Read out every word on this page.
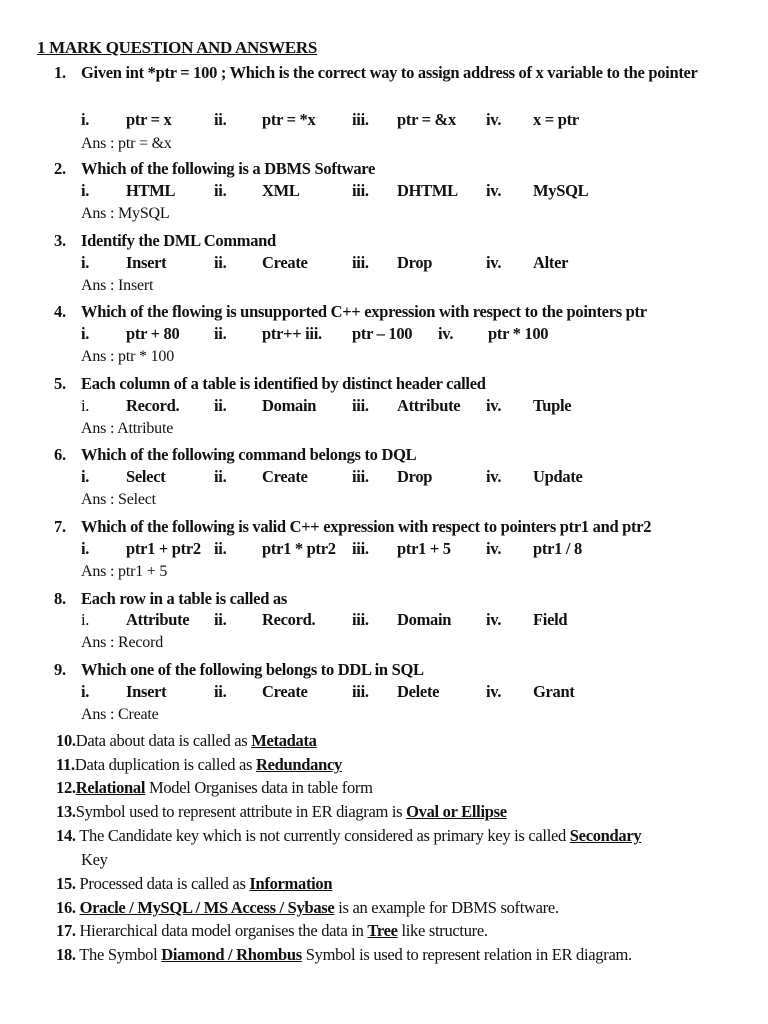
1 MARK QUESTION AND ANSWERS
1. Given int *ptr = 100 ; Which is the correct way to assign address of x variable to the pointer
i. ptr = x	ii. ptr = *x iii. ptr = &x iv. x = ptr
Ans : ptr = &x
2. Which of the following is a DBMS Software
i. HTML ii. XML	iii. DHTML iv. MySQL
Ans : MySQL
3. Identify the DML Command
i. Insert	ii. Create	iii. Drop	iv. Alter
Ans : Insert
4. Which of the flowing is unsupported C++ expression with respect to the pointers ptr
i. ptr + 80 ii. ptr++ iii. ptr – 100 iv. ptr * 100
Ans : ptr * 100
5. Each column of a table is identified by distinct header called
i. Record. ii. Domain iii. Attribute iv. Tuple
Ans : Attribute
6. Which of the following command belongs to DQL
i. Select	ii. Create	iii. Drop	iv. Update
Ans : Select
7. Which of the following is valid C++ expression with respect to pointers ptr1 and ptr2
i. ptr1 + ptr2 ii. ptr1 * ptr2 iii. ptr1 + 5 iv. ptr1 / 8
Ans : ptr1 + 5
8. Each row in a table is called as
i. Attribute ii. Record. iii. Domain iv. Field
Ans : Record
9. Which one of the following belongs to DDL in SQL
i. Insert	ii. Create	iii. Delete	iv. Grant
Ans : Create
10.Data about data is called as Metadata
11.Data duplication is called as Redundancy
12.Relational Model Organises data in table form
13.Symbol used to represent attribute in ER diagram is Oval or Ellipse
14. The Candidate key which is not currently considered as primary key is called Secondary
Key
15. Processed data is called as Information
16. Oracle / MySQL / MS Access / Sybase is an example for DBMS software.
17. Hierarchical data model organises the data in Tree like structure.
18. The Symbol Diamond / Rhombus Symbol is used to represent relation in ER diagram.
